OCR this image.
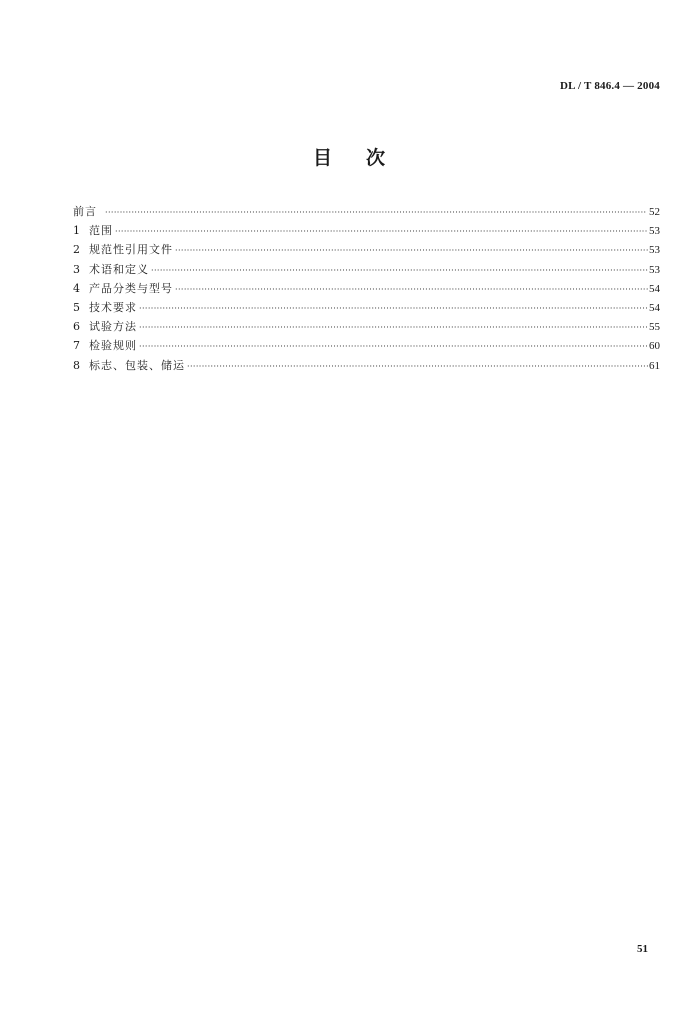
DL / T 846.4 — 2004
目次
前言 ·····	52
1 范围 ·····	53
2 规范性引用文件 ·····	53
3 术语和定义 ·····	53
4 产品分类与型号 ·····	54
5 技术要求 ·····	54
6 试验方法 ·····	55
7 检验规则 ·····	60
8 标志、包装、储运 ·····	61
51
